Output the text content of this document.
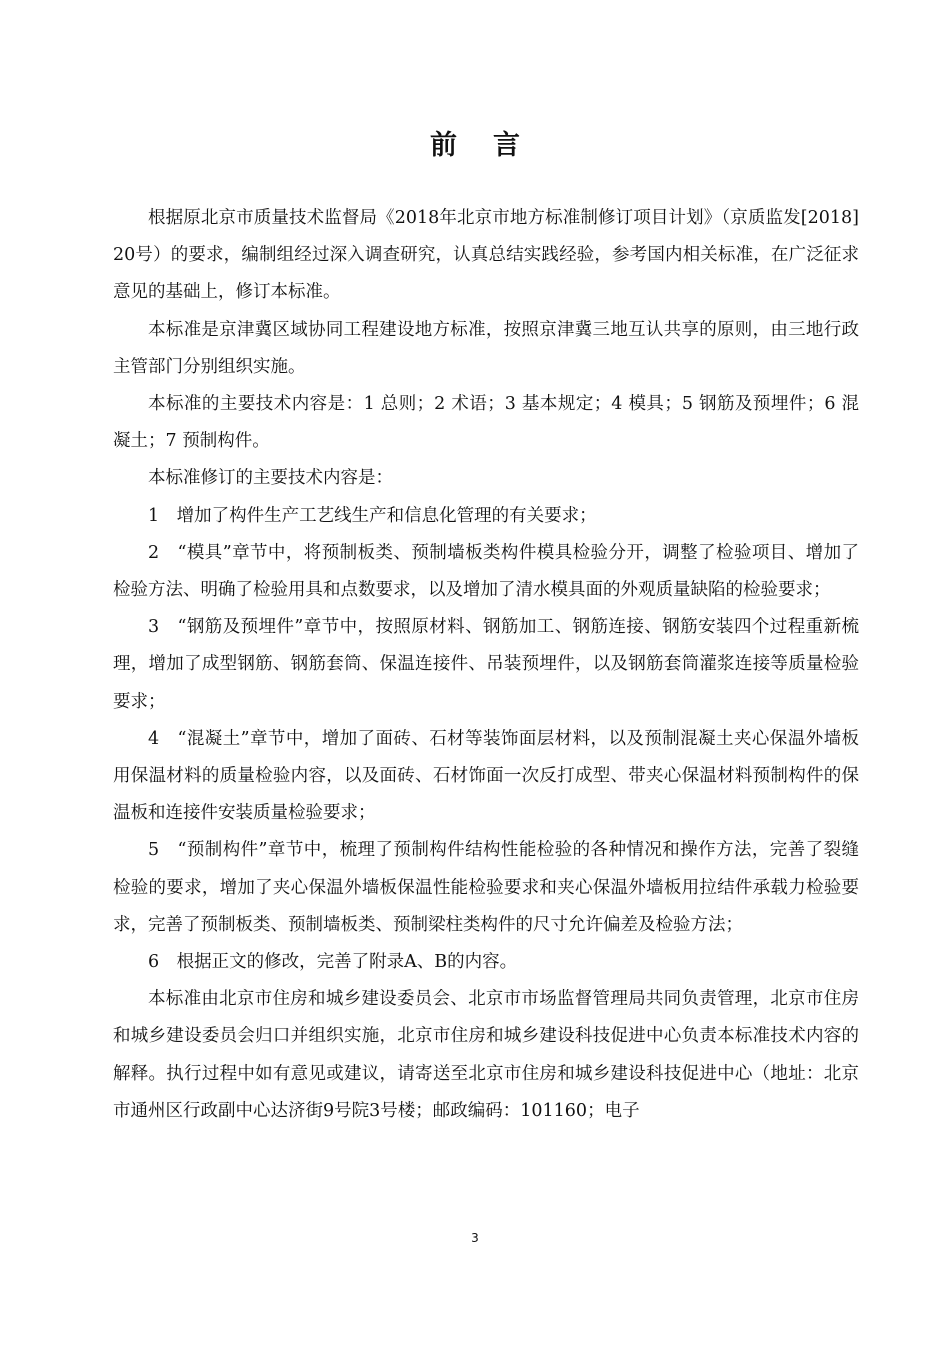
前言

根据原北京市质量技术监督局《2018年北京市地方标准制修订项目计划》（京质监发[2018]20号）的要求，编制组经过深入调查研究，认真总结实践经验，参考国内相关标准，在广泛征求意见的基础上，修订本标准。

本标准是京津冀区域协同工程建设地方标准，按照京津冀三地互认共享的原则，由三地行政主管部门分别组织实施。

本标准的主要技术内容是：1 总则；2 术语；3 基本规定；4 模具；5 钢筋及预埋件；6 混凝土；7 预制构件。

本标准修订的主要技术内容是：

1　增加了构件生产工艺线生产和信息化管理的有关要求；

2　“模具”章节中，将预制板类、预制墙板类构件模具检验分开，调整了检验项目、增加了检验方法、明确了检验用具和点数要求，以及增加了清水模具面的外观质量缺陷的检验要求；

3　“钢筋及预埋件”章节中，按照原材料、钢筋加工、钢筋连接、钢筋安装四个过程重新梳理，增加了成型钢筋、钢筋套筒、保温连接件、吊装预埋件，以及钢筋套筒灌浆连接等质量检验要求；

4　“混凝土”章节中，增加了面砖、石材等装饰面层材料，以及预制混凝土夹心保温外墙板用保温材料的质量检验内容，以及面砖、石材饰面一次反打成型、带夹心保温材料预制构件的保温板和连接件安装质量检验要求；

5　“预制构件”章节中，梳理了预制构件结构性能检验的各种情况和操作方法，完善了裂缝检验的要求，增加了夹心保温外墙板保温性能检验要求和夹心保温外墙板用拉结件承载力检验要求，完善了预制板类、预制墙板类、预制梁柱类构件的尺寸允许偏差及检验方法；

6　根据正文的修改，完善了附录A、B的内容。

本标准由北京市住房和城乡建设委员会、北京市市场监督管理局共同负责管理，北京市住房和城乡建设委员会归口并组织实施，北京市住房和城乡建设科技促进中心负责本标准技术内容的解释。执行过程中如有意见或建议，请寄送至北京市住房和城乡建设科技促进中心（地址：北京市通州区行政副中心达济街9号院3号楼；邮政编码：101160；电子

3
